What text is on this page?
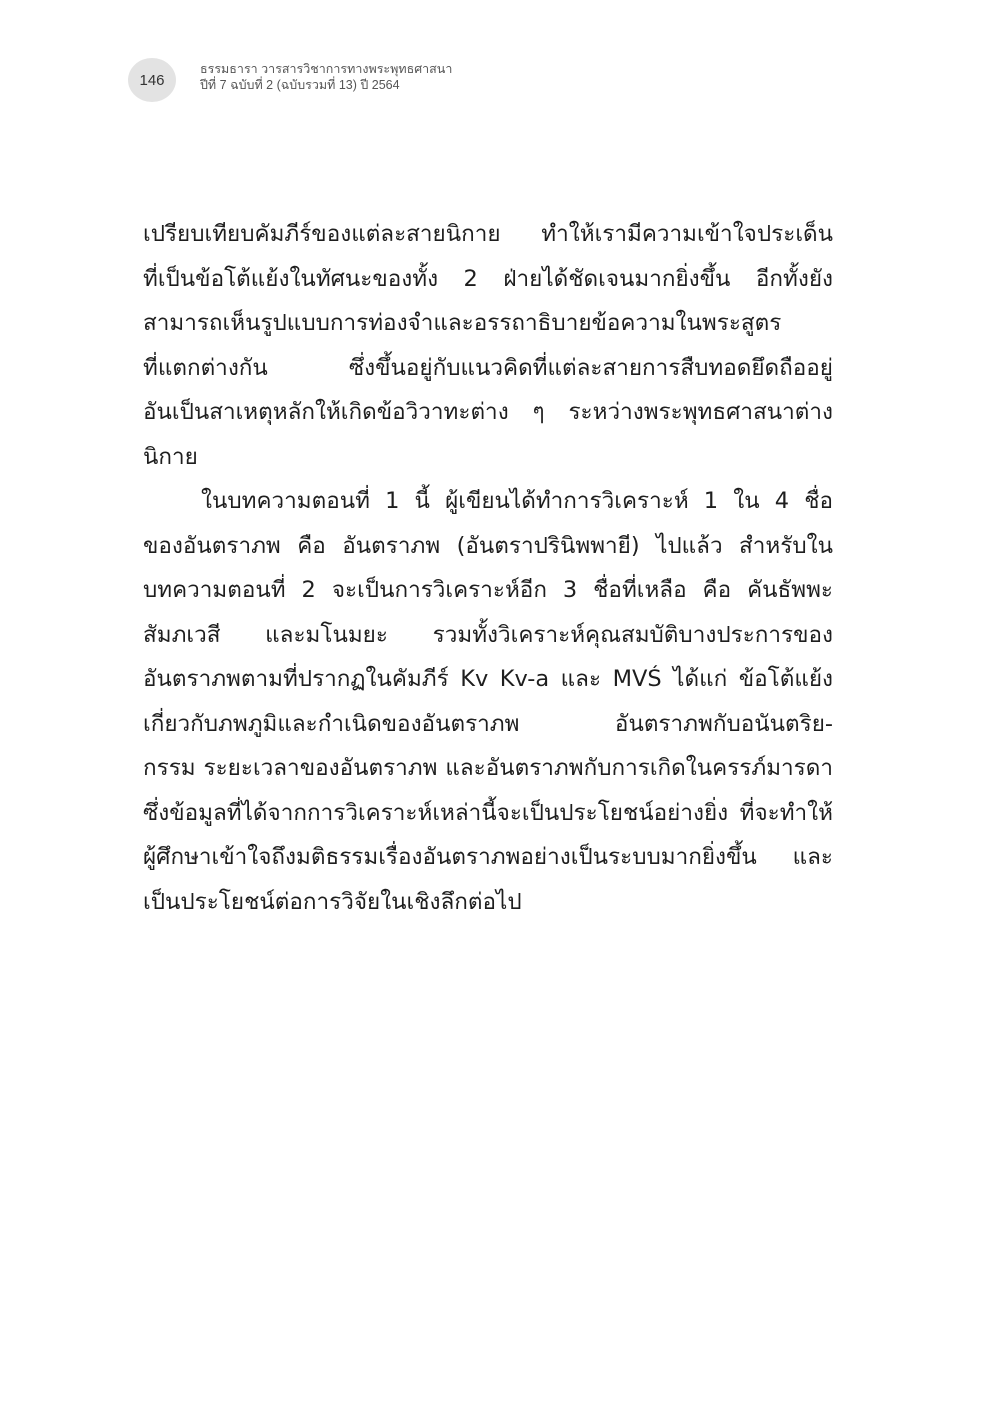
146
ธรรมธารา วารสารวิชาการทางพระพุทธศาสนา
ปีที่ 7 ฉบับที่ 2 (ฉบับรวมที่ 13) ปี 2564
เปรียบเทียบคัมภีร์ของแต่ละสายนิกาย ทำให้เรามีความเข้าใจประเด็น
ที่เป็นข้อโต้แย้งในทัศนะของทั้ง 2 ฝ่ายได้ชัดเจนมากยิ่งขึ้น อีกทั้งยัง
สามารถเห็นรูปแบบการท่องจำและอรรถาธิบายข้อความในพระสูตร
ที่แตกต่างกัน ซึ่งขึ้นอยู่กับแนวคิดที่แต่ละสายการสืบทอดยึดถืออยู่
อันเป็นสาเหตุหลักให้เกิดข้อวิวาทะต่าง ๆ ระหว่างพระพุทธศาสนาต่าง
นิกาย
ในบทความตอนที่ 1 นี้ ผู้เขียนได้ทำการวิเคราะห์ 1 ใน 4 ชื่อ
ของอันตราภพ คือ อันตราภพ (อันตราปรินิพพายี) ไปแล้ว สำหรับใน
บทความตอนที่ 2 จะเป็นการวิเคราะห์อีก 3 ชื่อที่เหลือ คือ คันธัพพะ
สัมภเวสี และมโนมยะ รวมทั้งวิเคราะห์คุณสมบัติบางประการของ
อันตราภพตามที่ปรากฏในคัมภีร์ Kv Kv-a และ MVŚ ได้แก่ ข้อโต้แย้ง
เกี่ยวกับภพภูมิและกำเนิดของอันตราภพ อันตราภพกับอนันตริย-
กรรม ระยะเวลาของอันตราภพ และอันตราภพกับการเกิดในครรภ์มารดา
ซึ่งข้อมูลที่ได้จากการวิเคราะห์เหล่านี้จะเป็นประโยชน์อย่างยิ่ง ที่จะทำให้
ผู้ศึกษาเข้าใจถึงมติธรรมเรื่องอันตราภพอย่างเป็นระบบมากยิ่งขึ้น และ
เป็นประโยชน์ต่อการวิจัยในเชิงลึกต่อไป
